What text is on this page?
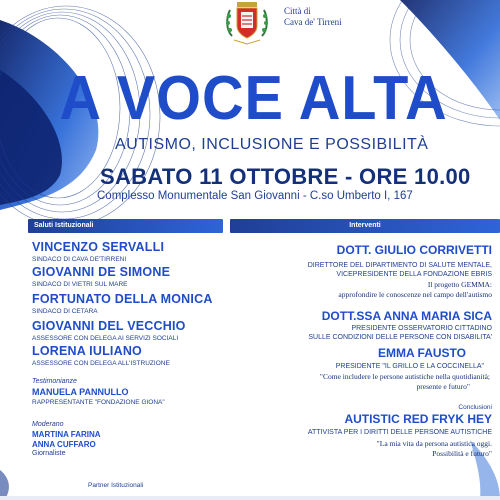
Città di
Cava de' Tirreni
A VOCE ALTA
AUTISMO, INCLUSIONE E POSSIBILITÀ
SABATO 11 OTTOBRE - ORE 10.00
Complesso Monumentale San Giovanni - C.so Umberto I, 167
Saluti Istituzionali	Interventi
VINCENZO SERVALLI
SINDACO DI CAVA DE'TIRRENI
GIOVANNI DE SIMONE
SINDACO DI VIETRI SUL MARE
FORTUNATO DELLA MONICA
SINDACO DI CETARA
GIOVANNI DEL VECCHIO
ASSESSORE CON DELEGA AI SERVIZI SOCIALI
LORENA IULIANO
ASSESSORE CON DELEGA ALL'ISTRUZIONE
Testimonianze
MANUELA PANNULLO
RAPPRESENTANTE "FONDAZIONE GIONA"
Moderano
MARTINA FARINA
ANNA CUFFARO
Giornaliste
Partner Istituzionali
DOTT. GIULIO CORRIVETTI
DIRETTORE DEL DIPARTIMENTO DI SALUTE MENTALE,
VICEPRESIDENTE DELLA FONDAZIONE EBRIS
Il progetto GEMMA:
approfondire le conoscenze nel campo dell'autismo
DOTT.SSA ANNA MARIA SICA
PRESIDENTE OSSERVATORIO CITTADINO
SULLE CONDIZIONI DELLE PERSONE CON DISABILITA'
EMMA FAUSTO
PRESIDENTE "IL GRILLO E LA COCCINELLA"
"Come includere le persone autistiche nella quotidianità;
presente e futuro"
Conclusioni
AUTISTIC RED FRYK HEY
ATTIVISTA PER I DIRITTI DELLE PERSONE AUTISTICHE
"La mia vita da persona autistica oggi.
Possibilità e futuro"
